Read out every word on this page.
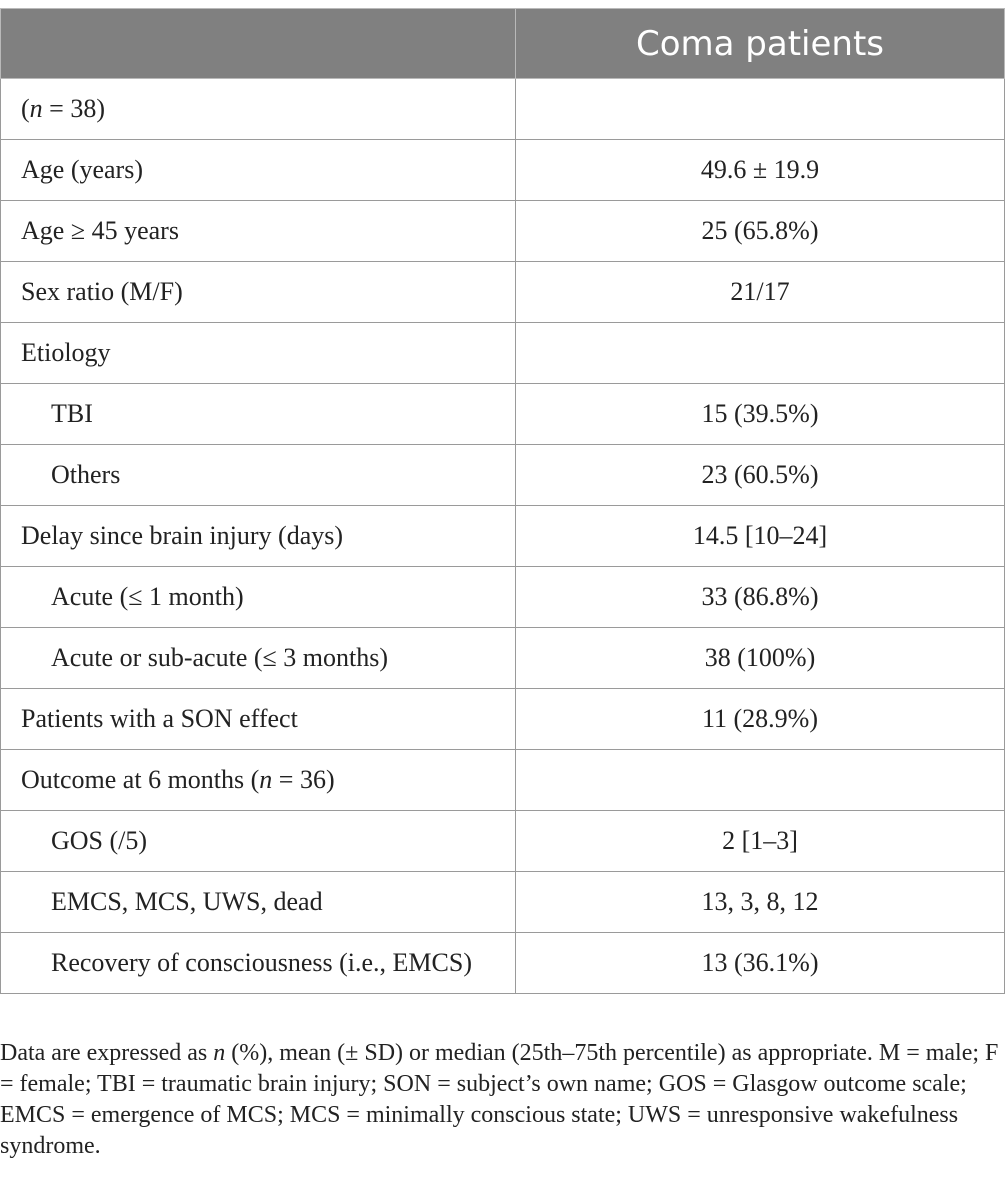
	Coma patients
(n = 38)	
Age (years)	49.6 ± 19.9
Age ≥ 45 years	25 (65.8%)
Sex ratio (M/F)	21/17
Etiology	
TBI	15 (39.5%)
Others	23 (60.5%)
Delay since brain injury (days)	14.5 [10–24]
Acute (≤ 1 month)	33 (86.8%)
Acute or sub-acute (≤ 3 months)	38 (100%)
Patients with a SON effect	11 (28.9%)
Outcome at 6 months (n = 36)	
GOS (/5)	2 [1–3]
EMCS, MCS, UWS, dead	13, 3, 8, 12
Recovery of consciousness (i.e., EMCS)	13 (36.1%)

Data are expressed as n (%), mean (± SD) or median (25th–75th percentile) as appropriate. M = male; F = female; TBI = traumatic brain injury; SON = subject’s own name; GOS = Glasgow outcome scale; EMCS = emergence of MCS; MCS = minimally conscious state; UWS = unresponsive wakefulness syndrome.
